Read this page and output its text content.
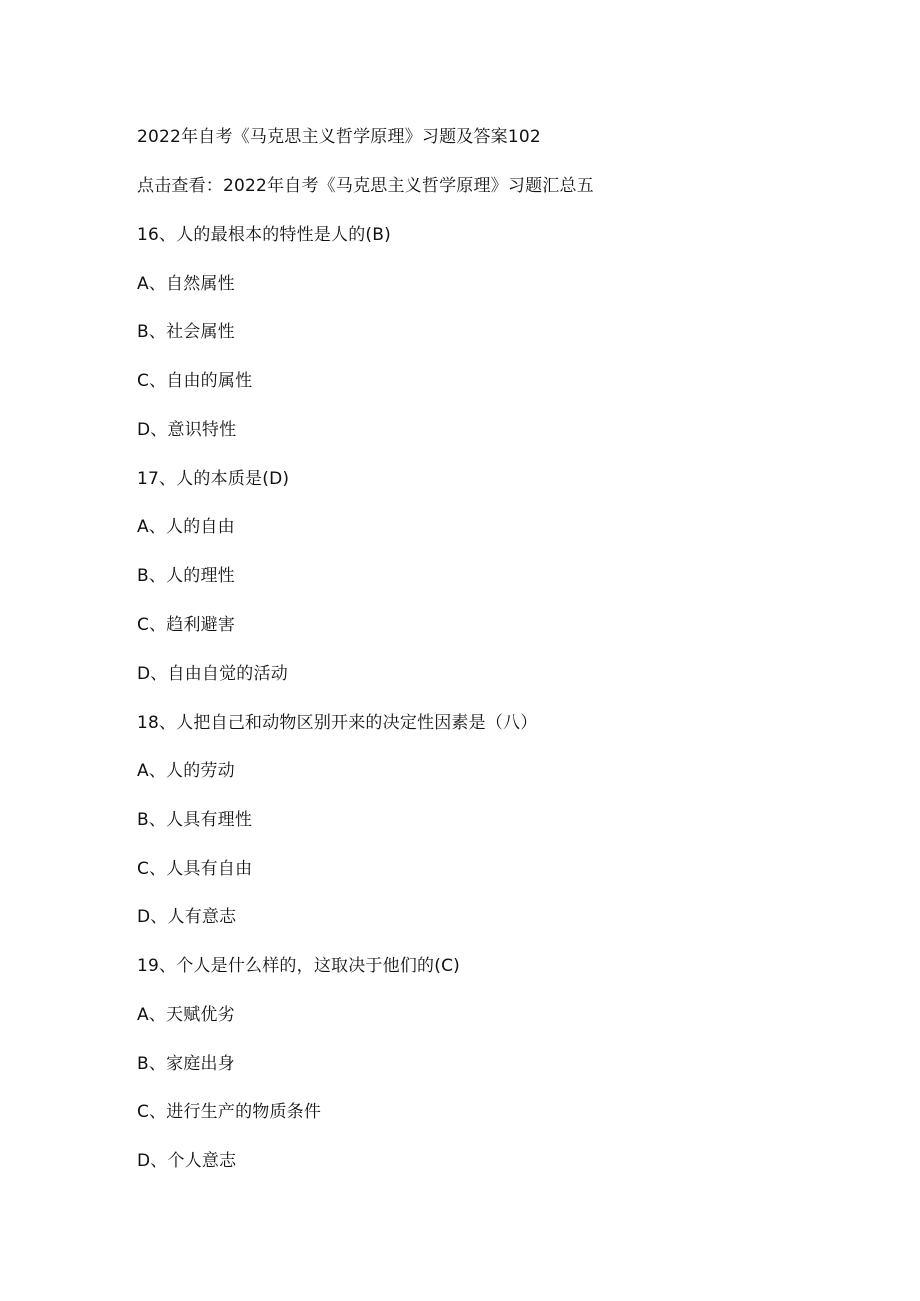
2022年自考《马克思主义哲学原理》习题及答案102
点击查看：2022年自考《马克思主义哲学原理》习题汇总五
16、人的最根本的特性是人的(B)
A、自然属性
B、社会属性
C、自由的属性
D、意识特性
17、人的本质是(D)
A、人的自由
B、人的理性
C、趋利避害
D、自由自觉的活动
18、人把自己和动物区别开来的决定性因素是（八）
A、人的劳动
B、人具有理性
C、人具有自由
D、人有意志
19、个人是什么样的，这取决于他们的(C)
A、天赋优劣
B、家庭出身
C、进行生产的物质条件
D、个人意志
